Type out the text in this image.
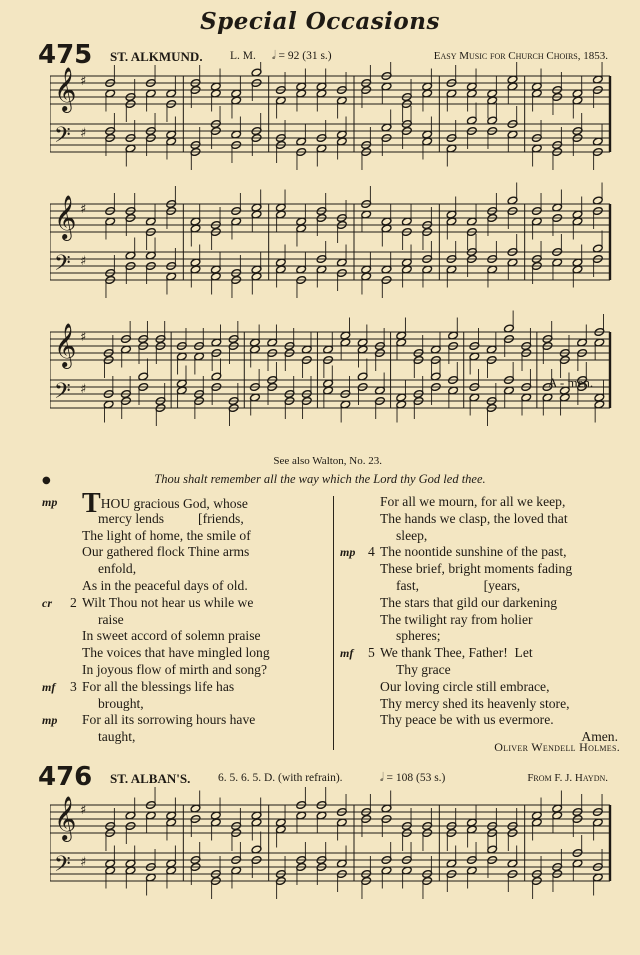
Special Occasions
475 ST. ALKMUND. L. M. 𝅗𝅥 = 92 (31 s.)	Easy Music for Church Choirs, 1853.
𝄞 ♯
𝄢 ♯
𝄞 ♯
𝄢 ♯
𝄞 ♯
𝄢 ♯	A - men.
See also Walton, No. 23.
●	Thou shalt remember all the way which the Lord thy God led thee.
mp THOU gracious God, whose
mercy lends          [friends,
The light of home, the smile of
Our gathered flock Thine arms
enfold,
As in the peaceful days of old.
cr 2 Wilt Thou not hear us while we
raise
In sweet accord of solemn praise
The voices that have mingled long
In joyous flow of mirth and song?
mf 3 For all the blessings life has
brought,
mp For all its sorrowing hours have
taught,
For all we mourn, for all we keep,
The hands we clasp, the loved that
sleep,
mp 4 The noontide sunshine of the past,
These brief, bright moments fading
fast,                   [years,
The stars that gild our darkening
The twilight ray from holier
spheres;
mf 5 We thank Thee, Father!  Let
Thy grace
Our loving circle still embrace,
Thy mercy shed its heavenly store,
Thy peace be with us evermore.
Amen.
Oliver Wendell Holmes.
476 ST. ALBAN'S. 6. 5. 6. 5. D. (with refrain).	𝅗𝅥 = 108 (53 s.)	From F. J. Haydn.
𝄞 ♯
𝄢 ♯
